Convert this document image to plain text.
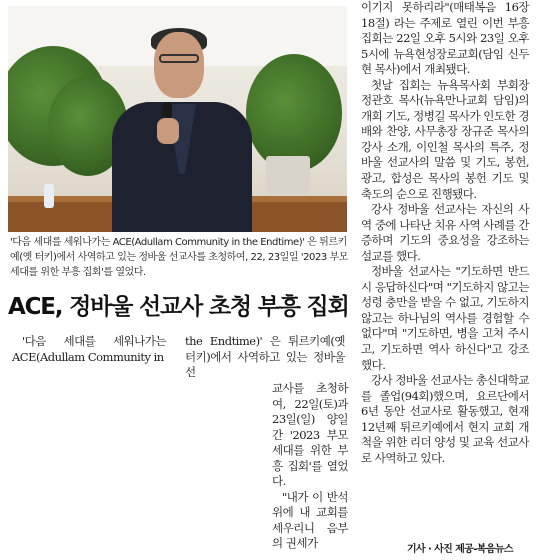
'다음 세대를 세워나가는 ACE(Adullam Community in the Endtime)' 은 튀르키예(옛 터키)에서 사역하고 있는 정바울 선교사를 초청하여, 22, 23일일 '2023 부모 세대를 위한 부흥 집회'를 열었다.

ACE, 정바울 선교사 초청 부흥 집회

'다음 세대를 세워나가는 ACE(Adullam Community in

the Endtime)' 은 튀르키예(옛 터키)에서 사역하고 있는 정바울 선

교사를 초청하여, 22일(토)과 23일(일) 양일 간 '2023 부모 세대를 위한 부흥 집회'를 열었다.

"내가 이 반석 위에 내 교회를 세우리니 음부의 권세가

이기지 못하리라"(매태복음 16장 18절) 라는 주제로 열린 이번 부흥 집회는 22일 오후 5시와 23일 오후 5시에 뉴욕현성장로교회(담임 신두현 목사)에서 개최됐다.

첫날 집회는 뉴욕목사회 부회장 정관호 목사(뉴욕만나교회 담임)의 개회 기도, 정병길 목사가 인도한 경배와 찬양, 사무총장 장규준 목사의 강사 소개, 이인철 목사의 특주, 정바울 선교사의 말씀 및 기도, 봉헌, 광고, 합성은 목사의 봉헌 기도 및 축도의 순으로 진행됐다.

강사 정바울 선교사는 자신의 사역 중에 나타난 치유 사역 사례를 간증하며 기도의 중요성을 강조하는 설교를 했다.

정바울 선교사는 "기도하면 반드시 응답하신다"며 "기도하지 않고는 성령 충만을 받을 수 없고, 기도하지 않고는 하나님의 역사를 경험할 수 없다"며 "기도하면, 병을 고쳐 주시고, 기도하면 역사 하신다"고 강조했다.

강사 정바울 선교사는 총신대학교를 졸업(94회)했으며, 요르단에서 6년 동안 선교사로 활동했고, 현재 12년째 튀르키예에서 현지 교회 개척을 위한 리더 양성 및 교육 선교사로 사역하고 있다.

기사 · 사진 제공-복음뉴스
